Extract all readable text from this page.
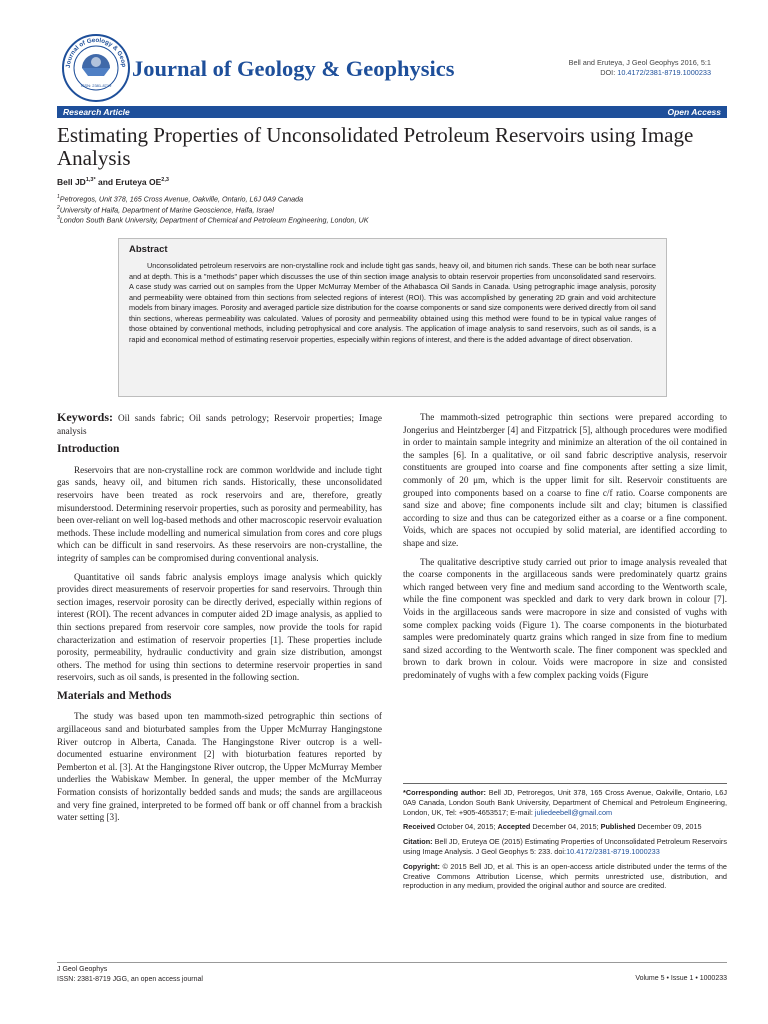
Journal of Geology & Geop
ISSN: 2381-8719
Journal of Geology & Geophysics	Bell and Eruteya, J Geol Geophys 2016, 5:1
DOI: 10.4172/2381-8719.1000233
Research Article	Open Access
Estimating Properties of Unconsolidated Petroleum Reservoirs using Image Analysis
Bell $JD^{1,3*}$ and Eruteya OE$^{2,3}$
$^1$Petroregos, Unit 378, 165 Cross Avenue, Oakville, Ontario, L6J 0A9 Canada
$^2$University of Haifa, Department of Marine Geoscience, Haifa, Israel
$^3$London South Bank University, Department of Chemical and Petroleum Engineering, London, UK
Abstract

Unconsolidated petroleum reservoirs are non-crystalline rock and include tight gas sands, heavy oil, and bitumen rich sands. These can be both near surface and at depth. This is a "methods" paper which discusses the use of thin section image analysis to obtain reservoir properties from unconsolidated sand reservoirs. A case study was carried out on samples from the Upper McMurray Member of the Athabasca Oil Sands in Canada. Using petrographic image analysis, porosity and permeability were obtained from thin sections from selected regions of interest (ROI). This was accomplished by generating 2D grain and void architecture models from binary images. Porosity and averaged particle size distribution for the coarse components or sand size components were derived directly from oil sand thin sections, whereas permeability was calculated. Values of porosity and permeability obtained using this method were found to be in typical value ranges of those obtained by conventional methods, including petrophysical and core analysis. The application of image analysis to sand reservoirs, such as oil sands, is a rapid and economical method of estimating reservoir properties, especially within regions of interest, and there is the added advantage of direct observation.

Keywords: Oil sands fabric; Oil sands petrology; Reservoir properties; Image analysis

Introduction

Reservoirs that are non-crystalline rock are common worldwide and include tight gas sands, heavy oil, and bitumen rich sands. Historically, these unconsolidated reservoirs have been treated as rock reservoirs and are, therefore, greatly misunderstood. Determining reservoir properties, such as porosity and permeability, has been over-reliant on well log-based methods and other macroscopic reservoir evaluation methods. These include modelling and numerical simulation from cores and core plugs which can be difficult in sand reservoirs. As these reservoirs are non-crystalline, the integrity of samples can be compromised during conventional analysis.

Quantitative oil sands fabric analysis employs image analysis which quickly provides direct measurements of reservoir properties for sand reservoirs. Through thin section images, reservoir porosity can be directly derived, especially within regions of interest (ROI). The recent advances in computer aided 2D image analysis, as applied to thin sections prepared from reservoir core samples, now provide the tools for rapid characterization and estimation of reservoir properties [1]. These properties include porosity, permeability, hydraulic conductivity and grain size distribution, amongst others. The method for using thin sections to determine reservoir properties in sand reservoirs, such as oil sands, is presented in the following section.

Materials and Methods

The study was based upon ten mammoth-sized petrographic thin sections of argillaceous sand and bioturbated samples from the Upper McMurray Hangingstone River outcrop in Alberta, Canada. The Hangingstone River outcrop is a well-documented estuarine environment [2] with bioturbation features reported by Pemberton et al. [3]. At the Hangingstone River outcrop, the Upper McMurray Member underlies the Wabiskaw Member. In general, the upper member of the McMurray Formation consists of horizontally bedded sands and muds; the sands are argillaceous and very fine grained, interpreted to be formed off bank or off channel from a brackish water setting [3].

The mammoth-sized petrographic thin sections were prepared according to Jongerius and Heintzberger [4] and Fitzpatrick [5], although procedures were modified in order to maintain sample integrity and minimize an alteration of the oil contained in the samples [6]. In a qualitative, or oil sand fabric descriptive analysis, reservoir constituents are grouped into coarse and fine components after setting a size limit, commonly of 20 μm, which is the upper limit for silt. Reservoir constituents are grouped into components based on a coarse to fine c/f ratio. Coarse components are sand size and above; fine components include silt and clay; bitumen is classified according to size and thus can be categorized either as a coarse or a fine component. Voids, which are spaces not occupied by solid material, are identified according to shape and size.

The qualitative descriptive study carried out prior to image analysis revealed that the coarse components in the argillaceous sands were predominately quartz grains which ranged between very fine and medium sand according to the Wentworth scale, while the fine component was speckled and dark to very dark brown in colour [7]. Voids in the argillaceous sands were macropore in size and consisted of vughs with some complex packing voids (Figure 1). The coarse components in the bioturbated samples were predominately quartz grains which ranged in size from fine to medium sand sized according to the Wentworth scale. The finer component was speckled and brown to dark brown in colour. Voids were macropore in size and consisted predominately of vughs with a few complex packing voids (Figure

*Corresponding author: Bell JD, Petroregos, Unit 378, 165 Cross Avenue, Oakville, Ontario, L6J 0A9 Canada, London South Bank University, Department of Chemical and Petroleum Engineering, London, UK, Tel: +905-4653517; E-mail: juliedeebell@gmail.com

Received October 04, 2015; Accepted December 04, 2015; Published December 09, 2015

Citation: Bell JD, Eruteya OE (2015) Estimating Properties of Unconsolidated Petroleum Reservoirs using Image Analysis. J Geol Geophys 5: 233. doi:10.4172/2381-8719.1000233

Copyright: © 2015 Bell JD, et al. This is an open-access article distributed under the terms of the Creative Commons Attribution License, which permits unrestricted use, distribution, and reproduction in any medium, provided the original author and source are credited.

J Geol Geophys
ISSN: 2381-8719 JGG, an open access journal	Volume 5 • Issue 1 • 1000233
